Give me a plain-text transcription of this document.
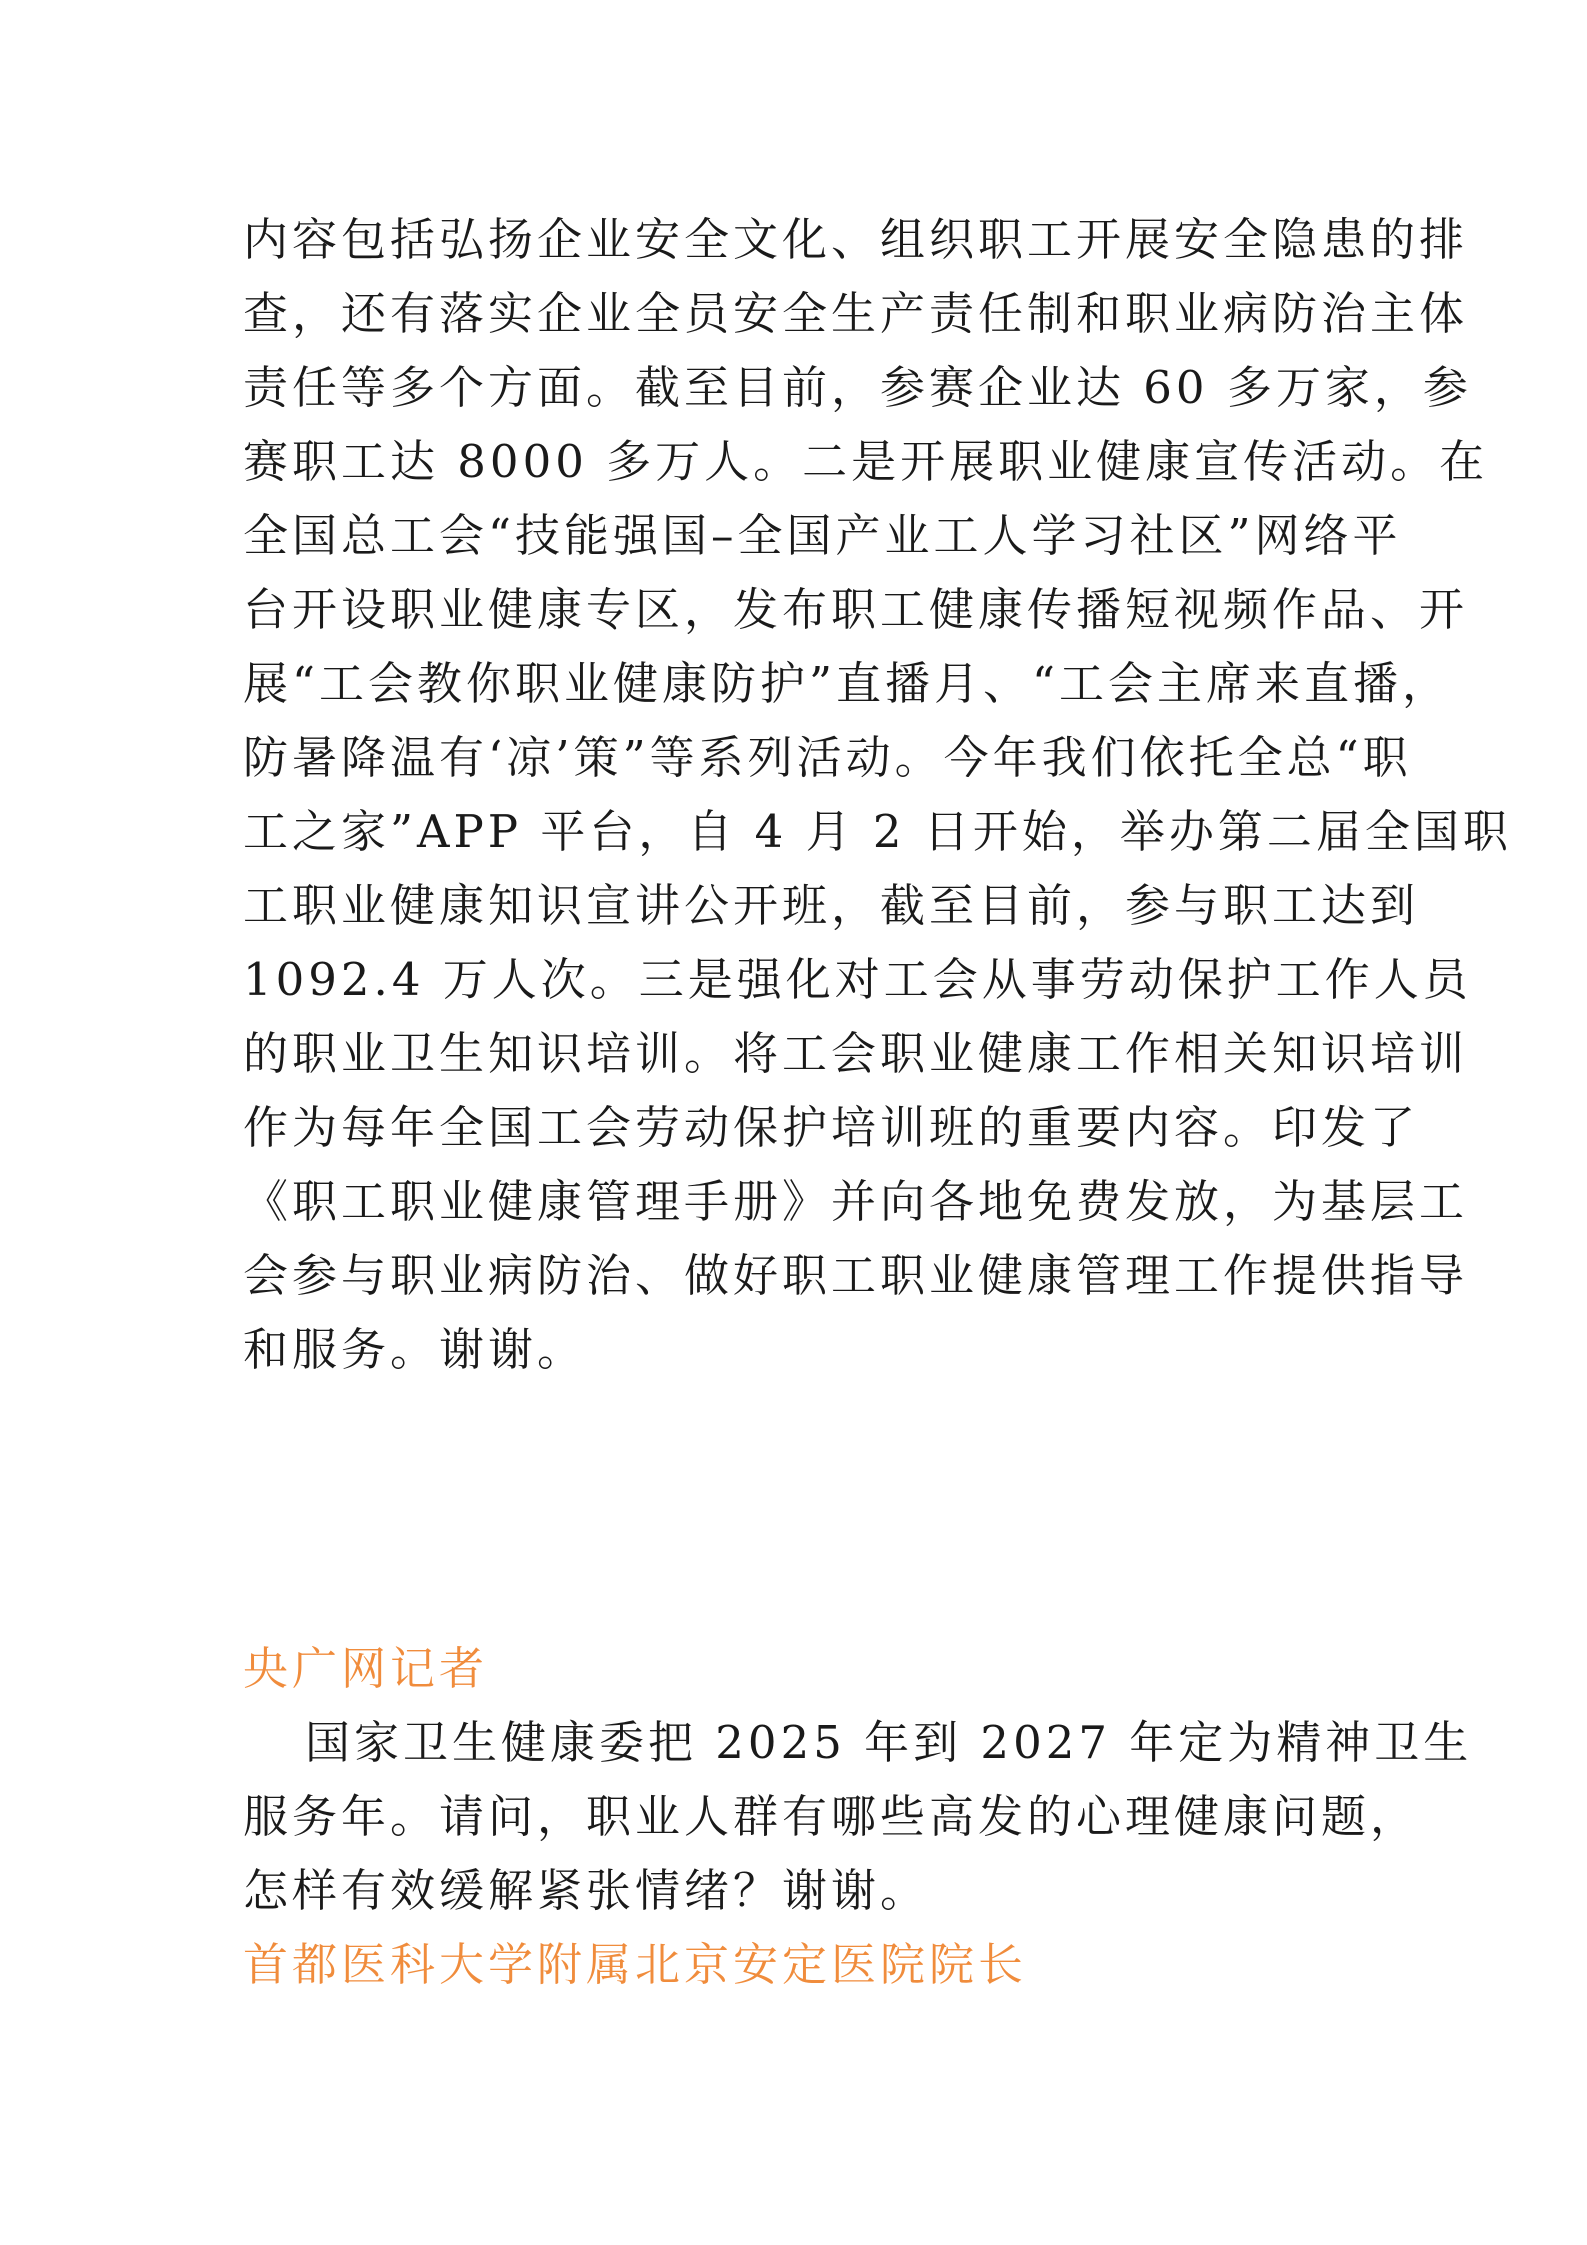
内容包括弘扬企业安全文化、组织职工开展安全隐患的排
查，还有落实企业全员安全生产责任制和职业病防治主体
责任等多个方面。截至目前，参赛企业达 60 多万家，参
赛职工达 8000 多万人。二是开展职业健康宣传活动。在
全国总工会“技能强国–全国产业工人学习社区”网络平
台开设职业健康专区，发布职工健康传播短视频作品、开
展“工会教你职业健康防护”直播月、“工会主席来直播，
防暑降温有‘凉’策”等系列活动。今年我们依托全总“职
工之家”APP 平台，自 4 月 2 日开始，举办第二届全国职
工职业健康知识宣讲公开班，截至目前，参与职工达到
1092.4 万人次。三是强化对工会从事劳动保护工作人员
的职业卫生知识培训。将工会职业健康工作相关知识培训
作为每年全国工会劳动保护培训班的重要内容。印发了
《职工职业健康管理手册》并向各地免费发放，为基层工
会参与职业病防治、做好职工职业健康管理工作提供指导
和服务。谢谢。
央广网记者
国家卫生健康委把 2025 年到 2027 年定为精神卫生
服务年。请问，职业人群有哪些高发的心理健康问题，
怎样有效缓解紧张情绪？谢谢。
首都医科大学附属北京安定医院院长
